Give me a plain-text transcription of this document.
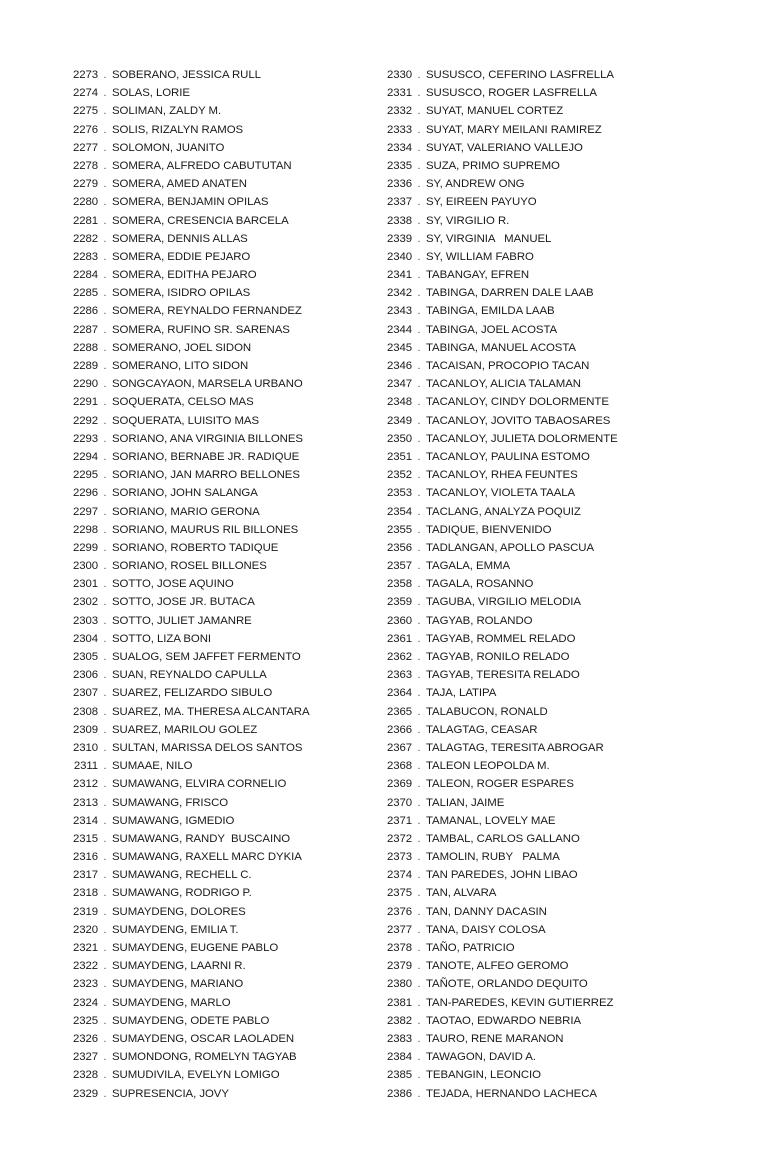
2273 . SOBERANO, JESSICA RULL
2274 . SOLAS, LORIE
2275 . SOLIMAN, ZALDY M.
2276 . SOLIS, RIZALYN RAMOS
2277 . SOLOMON, JUANITO
2278 . SOMERA, ALFREDO CABUTUTAN
2279 . SOMERA, AMED ANATEN
2280 . SOMERA, BENJAMIN OPILAS
2281 . SOMERA, CRESENCIA BARCELA
2282 . SOMERA, DENNIS ALLAS
2283 . SOMERA, EDDIE PEJARO
2284 . SOMERA, EDITHA PEJARO
2285 . SOMERA, ISIDRO OPILAS
2286 . SOMERA, REYNALDO FERNANDEZ
2287 . SOMERA, RUFINO SR. SARENAS
2288 . SOMERANO, JOEL SIDON
2289 . SOMERANO, LITO SIDON
2290 . SONGCAYAON, MARSELA URBANO
2291 . SOQUERATA, CELSO MAS
2292 . SOQUERATA, LUISITO MAS
2293 . SORIANO, ANA VIRGINIA BILLONES
2294 . SORIANO, BERNABE JR. RADIQUE
2295 . SORIANO, JAN MARRO BELLONES
2296 . SORIANO, JOHN SALANGA
2297 . SORIANO, MARIO GERONA
2298 . SORIANO, MAURUS RIL BILLONES
2299 . SORIANO, ROBERTO TADIQUE
2300 . SORIANO, ROSEL BILLONES
2301 . SOTTO, JOSE AQUINO
2302 . SOTTO, JOSE JR. BUTACA
2303 . SOTTO, JULIET JAMANRE
2304 . SOTTO, LIZA BONI
2305 . SUALOG, SEM JAFFET FERMENTO
2306 . SUAN, REYNALDO CAPULLA
2307 . SUAREZ, FELIZARDO SIBULO
2308 . SUAREZ, MA. THERESA ALCANTARA
2309 . SUAREZ, MARILOU GOLEZ
2310 . SULTAN, MARISSA DELOS SANTOS
2311 . SUMAAE, NILO
2312 . SUMAWANG, ELVIRA CORNELIO
2313 . SUMAWANG, FRISCO
2314 . SUMAWANG, IGMEDIO
2315 . SUMAWANG, RANDY  BUSCAINO
2316 . SUMAWANG, RAXELL MARC DYKIA
2317 . SUMAWANG, RECHELL C.
2318 . SUMAWANG, RODRIGO P.
2319 . SUMAYDENG, DOLORES
2320 . SUMAYDENG, EMILIA T.
2321 . SUMAYDENG, EUGENE PABLO
2322 . SUMAYDENG, LAARNI R.
2323 . SUMAYDENG, MARIANO
2324 . SUMAYDENG, MARLO
2325 . SUMAYDENG, ODETE PABLO
2326 . SUMAYDENG, OSCAR LAOLADEN
2327 . SUMONDONG, ROMELYN TAGYAB
2328 . SUMUDIVILA, EVELYN LOMIGO
2329 . SUPRESENCIA, JOVY
2330 . SUSUSCO, CEFERINO LASFRELLA
2331 . SUSUSCO, ROGER LASFRELLA
2332 . SUYAT, MANUEL CORTEZ
2333 . SUYAT, MARY MEILANI RAMIREZ
2334 . SUYAT, VALERIANO VALLEJO
2335 . SUZA, PRIMO SUPREMO
2336 . SY, ANDREW ONG
2337 . SY, EIREEN PAYUYO
2338 . SY, VIRGILIO R.
2339 . SY, VIRGINIA   MANUEL
2340 . SY, WILLIAM FABRO
2341 . TABANGAY, EFREN
2342 . TABINGA, DARREN DALE LAAB
2343 . TABINGA, EMILDA LAAB
2344 . TABINGA, JOEL ACOSTA
2345 . TABINGA, MANUEL ACOSTA
2346 . TACAISAN, PROCOPIO TACAN
2347 . TACANLOY, ALICIA TALAMAN
2348 . TACANLOY, CINDY DOLORMENTE
2349 . TACANLOY, JOVITO TABAOSARES
2350 . TACANLOY, JULIETA DOLORMENTE
2351 . TACANLOY, PAULINA ESTOMO
2352 . TACANLOY, RHEA FEUNTES
2353 . TACANLOY, VIOLETA TAALA
2354 . TACLANG, ANALYZA POQUIZ
2355 . TADIQUE, BIENVENIDO
2356 . TADLANGAN, APOLLO PASCUA
2357 . TAGALA, EMMA
2358 . TAGALA, ROSANNO
2359 . TAGUBA, VIRGILIO MELODIA
2360 . TAGYAB, ROLANDO
2361 . TAGYAB, ROMMEL RELADO
2362 . TAGYAB, RONILO RELADO
2363 . TAGYAB, TERESITA RELADO
2364 . TAJA, LATIPA
2365 . TALABUCON, RONALD
2366 . TALAGTAG, CEASAR
2367 . TALAGTAG, TERESITA ABROGAR
2368 . TALEON LEOPOLDA M.
2369 . TALEON, ROGER ESPARES
2370 . TALIAN, JAIME
2371 . TAMANAL, LOVELY MAE
2372 . TAMBAL, CARLOS GALLANO
2373 . TAMOLIN, RUBY   PALMA
2374 . TAN PAREDES, JOHN LIBAO
2375 . TAN, ALVARA
2376 . TAN, DANNY DACASIN
2377 . TANA, DAISY COLOSA
2378 . TAÑO, PATRICIO
2379 . TANOTE, ALFEO GEROMO
2380 . TAÑOTE, ORLANDO DEQUITO
2381 . TAN-PAREDES, KEVIN GUTIERREZ
2382 . TAOTAO, EDWARDO NEBRIA
2383 . TAURO, RENE MARANON
2384 . TAWAGON, DAVID A.
2385 . TEBANGIN, LEONCIO
2386 . TEJADA, HERNANDO LACHECA
